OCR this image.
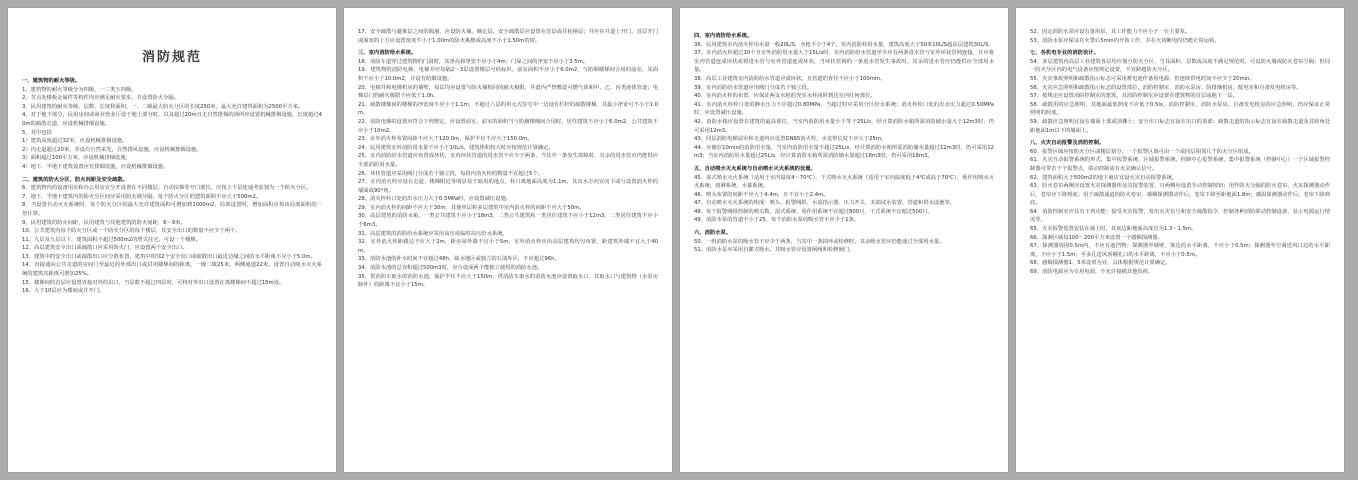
消防规范
一、建筑物的耐火等级。
1、建筑物的耐火等级分为四级，一二类五四级。
2、节点处楼板金属件等构件均应满足耐火要求，并设置防火分隔。
3、民用建筑的耐火等级、层数、长度和面积，一、二级最大防火分区的长度250米，最大允许建筑面积为2500平方米。
4、对于地下部分，民用房间或商业营业厅设于地上部分时，以及超过20m且无自然排烟的场所应设置机械排烟设施，长度超过40m的疏散走道，应设机械排烟设施。
5、其中包括
1）建筑高度超过32米，应设机械排烟设施。
2）内走道超过20米，并设有自然采光，自然排风设施，应设机械排烟设施。
3）面积超过100平方米，应设机械排烟设施。
4）地下、半地下建筑设置应有排烟设施，应设机械排烟设施。
二、建筑的防火分区、防火间距及安全疏散。
6、建筑物内的设备用房和办公用房宜分开设置在不同楼层；自动扶梯等开口部位，应按上下层连通考虑划为一个防火分区。
7、地下、半地下建筑内的防火分区间应采用防火墙分隔，每个防火分区的建筑面积不应大于500m2。
8、当设置自动灭火系统时，每个防火分区的最大允许建筑面积可增加到1000m2，局部设置时，增加面积应按该局部面积的一倍计算。
9、民用建筑的防火间距，民用建筑与其他建筑的防火间距，6～9米。
10、公共建筑内每个防火分区或一个防火分区的每个楼层，其安全出口的数量不应少于两个。
11、九层及九层以下，建筑面积不超过500m2的塔式住宅，可设一个楼梯。
12、高层建筑安全出口或疏散口应采用防火门，应设置两个安全出口。
13、建筑中的安全出口或疏散出口应分散布置，建筑中相邻2个安全出口或疏散出口最近边缘之间的水平距离不应小于5.0m。
14、直接通向公共走道的房间门至最近的外部出口或封闭楼梯间的距离，一级二级25米，两侧通道22米，设置自动喷水灭火系统的建筑其距离可增加25%。
15、楼梯间的首层应设置直接对外的出口，当层数不超过四层时，可将对外出口设置在离楼梯间不超过15m处。
16、大于10层应为楼间或并开门。
17、安全疏散与避难层之间的隔墙，应设防火墙。确定层，安全疏散层应设置在首层或并转换层；并应在并道上开门，首层开门或面宽的上方应设置宽度不小于1.00m的防火挑檐或高度不小于1.50m的窗。
三、室内消防给水系统。
18、消防车道穿过建筑物的门洞时，其净高和净宽不应小于4m；门垛之间的净宽不应小于3.5m。
19、建筑物的消防电梯，电梯井应每隔2～3层设置楼层号码标识，前室面积不应小于6.0m2，与防烟楼梯间合用的前室，其面积不应小于10.0m2，并设有防烟设施。
20、电梯井和电梯机房的墙壁，每层均应设置与防火墙相同的耐火极限，井道内严禁敷设可燃气体和甲、乙、丙类液体管道；电梯层门的耐火极限不应低于1.0h。
21、疏散楼梯间的楼梯的净宽度不应小于1.1m，不超过六层的单元式住宅中一边设有栏杆的疏散楼梯，其最小净宽可不小于1.0m。
22、消防电梯的设置应符合下列规定，应设置前室，前室的面积当与防烟楼梯间合用时，居住建筑不应小于6.0m2，公共建筑不应小于10m2。
23、室外消火栓布置间距不应大于120.0m，保护半径不应大于150.0m。
24、民用建筑室外消防用水量不应小于10L/s，建筑体积较大时应按规范计算确定。
25、室内消防给水管道应布置成环状，室内环状管道的进水管不应少于两条，当其中一条发生故障时，其余的进水管应仍能供应全部消防用水量。
26、环状管道应采用阀门分成若干独立段，每段内消火栓的数量不宜超过5个。
27、室内消火栓应设在走道、楼梯附近等明显易于取用的地点，栓口离地面高度为1.1m，其出水方向宜向下或与设置消火栓的墙面成90°角。
28、消火栓栓口处的出水压力大于0.5MPa时，应设置减压设施。
29、室内消火栓的间距不应大于30m，其他单层和多层建筑中室内消火栓的间距不应大于50m。
30、高层建筑的消防水箱，一类公共建筑不应小于18m3，二类公共建筑和一类居住建筑不应小于12m3，二类居住建筑不应小于6m3。
31、高层建筑的消防给水系统应采用高压或临时高压给水系统。
32、室外消火栓距路边不应大于2m，距房屋外墙不宜小于5m，室外消火栓应沿高层建筑均匀布置，距建筑外墙不宜大于40m。
33、消防水池的补水时间不宜超过48h，缺水地区或独立的石油库区，不应超过96h。
34、消防水池的总容积超过500m3时，应分设成两个能独立使用的消防水池。
35、供消防车取水的消防水池，保护半径不应大于150m，供消防车取水的消防水池应设置取水口，其取水口与建筑物（水泵房除外）的距离不宜小于15m。
四、室内消防给水系统。
36、民用建筑室内消火栓用水量一般20L/S，水枪不小于4个，室内消防栓用水量，建筑高度大于50米10L/S超高层建筑30L/S。
37、室内消火栓超过10个且室外消防用水量大于15L/s时，室内消防给水管道至少应有两条进水管与室外环状管网连接，并应将室内管道连成环状或将进水管与室外管道连成环状，当环状管网的一条进水管发生事故时，其余的进水管应仍能供应全部用水量。
38、高层工业建筑室内消防给水管道应成环状，且管道的直径不应小于100mm。
39、室内消防给水管道应用阀门分成若干独立段。
40、室内消火栓的布置，应保证两支水枪的充实水柱同时到达室内任何部位。
41、室内消火栓栓口处的静水压力不应超过0.80MPa，当超过时应采用分区给水系统；消火栓栓口处的出水压力超过0.50MPa时，应设置减压设施。
42、消防水箱应设置在建筑的最高部位，当室内消防用水量小于等于25L/s，经计算消防水箱所需消防储水量大于12m3时，仍可采用12m3。
43、同层消防电梯前室和走道内应设置DN65消火栓，水龙带长度不应大于25m。
44、应储存10min的消防用水量，当室内消防用水量不超过25L/s，经计算消防水箱所需消防储水量超过12m3时，仍可采用12m3；当室内消防用水量超过25L/s，经计算消防水箱所需消防储水量超过18m3时，仍可采用18m3。
五、自动喷水灭火系统与自动喷水灭火系统的设置。
45、湿式喷水灭火系统（适用于室内温度4～70℃），干式喷水灭火系统（适用于室内温度低于4℃或高于70℃），预作用喷水灭火系统，雨淋系统，水幕系统。
46、喷头布置的间距不应大于4.4m，且不宜小于2.4m。
47、自动喷水灭火系统的组成：喷头、报警阀组、水流指示器、压力开关、末端试水装置、管道和供水设施等。
48、每个报警阀组控制的喷头数，湿式系统、预作用系统不宜超过800只，干式系统不宜超过500只。
49、消防水泵的管道不小于25，每个消防水泵的吸水管不应少于1条。
六、消防水泵。
50、一组消防水泵的吸水管不应少于两条，当其中一条损坏或检修时，其余吸水管应仍能通过全部用水量。
51、消防水泵应采用自灌式吸水，其吸水管应设置闸阀和检修阀门。
52、固定消防水泵应设有备用泵，其工作能力不应小于一台主要泵。
53、消防水泵应保证在火警后5min内开始工作，并在火场断电时仍能正常运转。
七、各机电专业的消防设计。
54、多层建筑内高层工业建筑各层均应划分防火分区，当其面积、层数或高度不满足规范时，可设防火墙或防火卷帘分隔；但同一防火分区内的电气设备应按规定设置，不宜跨越防火分区。
55、火灾事故照明和疏散指示标志可采用蓄电池作备用电源，但连续供电时间不应少于20min。
56、火灾应急照明和疏散指示标志的设置部位，消防控制室、消防水泵房、防排烟机房、配电室和自备发电机房等。
57、按规定应设置消防控制室的建筑，其消防控制室应设置在建筑物的首层或地下一层。
58、疏散用的应急照明，其地面最低照度不应低于0.5lx，消防控制室、消防水泵房、自备发电机房的应急照明，仍应保证正常照明的照度。
59、疏散应急照明宜设在墙面上部或顶棚上；安全出口标志宜设在出口的顶部；疏散走道的指示标志宜设在疏散走道及其转角处距地面1m以下的墙面上。
八、火灾自动报警及消防控制。
60、报警区域应按防火分区或楼层划分，一个报警区域可由一个或同层相邻几个防火分区组成。
61、火灾自动报警系统的形式，集中报警系统，区域报警系统，控制中心报警系统，集中报警系统（控制中心）一个区域报警控制器可带若干个报警点，联动控制需有火灾确认信号。
62、建筑面积大于500m2的地下商店宜设火灾自动报警系统。
63、防火卷帘两侧应设置火灾探测器组及其报警装置，且两侧应设置手动控制按钮；用作防火分隔的防火卷帘，火灾探测器动作后，卷帘应下降到底；用于疏散通道的防火卷帘，感烟探测器动作后，卷帘下降至距地面1.8m；感温探测器动作后，卷帘下降到底。
64、消防控制室应具有下列功能：接受火灾报警，发出火灾信号和安全疏散指令，控制各种消防联动控制设备，显示电源运行情况等。
65、火灾报警装置安装在墙上时，其底边距地面高度宜为1.3～1.5m。
66、探测区域每100～200平方米设置一个感烟探测器。
67、探测器周围0.5m内，不应有遮挡物；探测器至墙壁、梁边的水平距离，不应小于0.5m；探测器至空调送风口边的水平距离，不应小于1.5m；至多孔送风顶棚孔口的水平距离，不应小于0.5m。
68、感烟探测器1、5米设置为宜，具体根据规范计算确定。
69、消防电源应为专用电源，不允许接插其他负荷。
